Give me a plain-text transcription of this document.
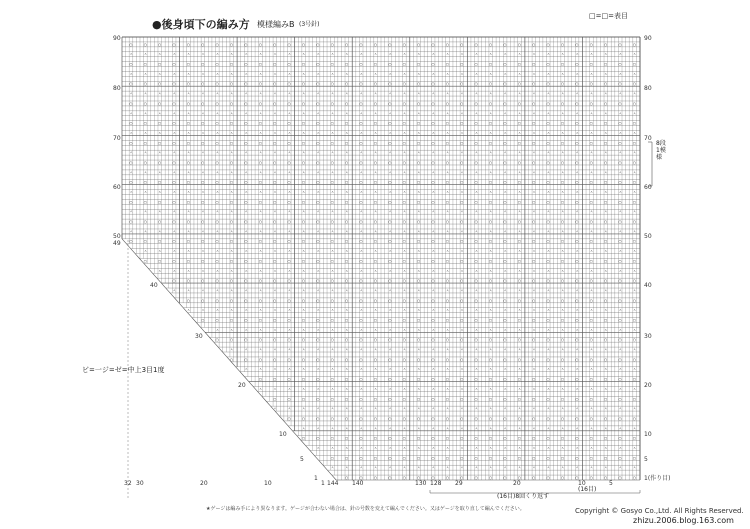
○	○	○	○	○	○	○	○	○	○	○	○	○	○	○	○	○	○	○	○	○	○	○	○	○	○	○	○	○	○	○	○	○	○	○	○
ㅅ	ㅅ	ㅅ	ㅅ	ㅅ	ㅅ	ㅅ	ㅅ	ㅅ	ㅅ	ㅅ	ㅅ	ㅅ	ㅅ	ㅅ	ㅅ	ㅅ	ㅅ	ㅅ	ㅅ	ㅅ	ㅅ	ㅅ	ㅅ	ㅅ	ㅅ	ㅅ	ㅅ	ㅅ	ㅅ	ㅅ	ㅅ	ㅅ	ㅅ	ㅅ	ㅅ
○	○	○	○	○	○	○	○	○	○	○	○	○	○	○	○	○	○	○	○	○	○	○	○	○	○	○	○	○	○	○	○	○	○	○	○
ㅅ	ㅅ	ㅅ	ㅅ	ㅅ	ㅅ	ㅅ	ㅅ	ㅅ	ㅅ	ㅅ	ㅅ	ㅅ	ㅅ	ㅅ	ㅅ	ㅅ	ㅅ	ㅅ	ㅅ	ㅅ	ㅅ	ㅅ	ㅅ	ㅅ	ㅅ	ㅅ	ㅅ	ㅅ	ㅅ	ㅅ	ㅅ	ㅅ	ㅅ	ㅅ	ㅅ
○	○	○	○	○	○	○	○	○	○	○	○	○	○	○	○	○	○	○	○	○	○	○	○	○	○	○	○	○	○	○	○	○	○	○	○
ㅅ	ㅅ	ㅅ	ㅅ	ㅅ	ㅅ	ㅅ	ㅅ	ㅅ	ㅅ	ㅅ	ㅅ	ㅅ	ㅅ	ㅅ	ㅅ	ㅅ	ㅅ	ㅅ	ㅅ	ㅅ	ㅅ	ㅅ	ㅅ	ㅅ	ㅅ	ㅅ	ㅅ	ㅅ	ㅅ	ㅅ	ㅅ	ㅅ	ㅅ	ㅅ	ㅅ
○	○	○	○	○	○	○	○	○	○	○	○	○	○	○	○	○	○	○	○	○	○	○	○	○	○	○	○	○	○	○	○	○	○	○	○
ㅅ	ㅅ	ㅅ	ㅅ	ㅅ	ㅅ	ㅅ	ㅅ	ㅅ	ㅅ	ㅅ	ㅅ	ㅅ	ㅅ	ㅅ	ㅅ	ㅅ	ㅅ	ㅅ	ㅅ	ㅅ	ㅅ	ㅅ	ㅅ	ㅅ	ㅅ	ㅅ	ㅅ	ㅅ	ㅅ	ㅅ	ㅅ	ㅅ	ㅅ	ㅅ	ㅅ
○	○	○	○	○	○	○	○	○	○	○	○	○	○	○	○	○	○	○	○	○	○	○	○	○	○	○	○	○	○	○	○	○	○	○	○
ㅅ	ㅅ	ㅅ	ㅅ	ㅅ	ㅅ	ㅅ	ㅅ	ㅅ	ㅅ	ㅅ	ㅅ	ㅅ	ㅅ	ㅅ	ㅅ	ㅅ	ㅅ	ㅅ	ㅅ	ㅅ	ㅅ	ㅅ	ㅅ	ㅅ	ㅅ	ㅅ	ㅅ	ㅅ	ㅅ	ㅅ	ㅅ	ㅅ	ㅅ	ㅅ	ㅅ
○	○	○	○	○	○	○	○	○	○	○	○	○	○	○	○	○	○	○	○	○	○	○	○	○	○	○	○	○	○	○	○	○	○	○	○
ㅅ	ㅅ	ㅅ	ㅅ	ㅅ	ㅅ	ㅅ	ㅅ	ㅅ	ㅅ	ㅅ	ㅅ	ㅅ	ㅅ	ㅅ	ㅅ	ㅅ	ㅅ	ㅅ	ㅅ	ㅅ	ㅅ	ㅅ	ㅅ	ㅅ	ㅅ	ㅅ	ㅅ	ㅅ	ㅅ	ㅅ	ㅅ	ㅅ	ㅅ	ㅅ	ㅅ
○	○	○	○	○	○	○	○	○	○	○	○	○	○	○	○	○	○	○	○	○	○	○	○	○	○	○	○	○	○	○	○	○	○	○	○
ㅅ	ㅅ	ㅅ	ㅅ	ㅅ	ㅅ	ㅅ	ㅅ	ㅅ	ㅅ	ㅅ	ㅅ	ㅅ	ㅅ	ㅅ	ㅅ	ㅅ	ㅅ	ㅅ	ㅅ	ㅅ	ㅅ	ㅅ	ㅅ	ㅅ	ㅅ	ㅅ	ㅅ	ㅅ	ㅅ	ㅅ	ㅅ	ㅅ	ㅅ	ㅅ	ㅅ
○	○	○	○	○	○	○	○	○	○	○	○	○	○	○	○	○	○	○	○	○	○	○	○	○	○	○	○	○	○	○	○	○	○	○	○
ㅅ	ㅅ	ㅅ	ㅅ	ㅅ	ㅅ	ㅅ	ㅅ	ㅅ	ㅅ	ㅅ	ㅅ	ㅅ	ㅅ	ㅅ	ㅅ	ㅅ	ㅅ	ㅅ	ㅅ	ㅅ	ㅅ	ㅅ	ㅅ	ㅅ	ㅅ	ㅅ	ㅅ	ㅅ	ㅅ	ㅅ	ㅅ	ㅅ	ㅅ	ㅅ	ㅅ
○	○	○	○	○	○	○	○	○	○	○	○	○	○	○	○	○	○	○	○	○	○	○	○	○	○	○	○	○	○	○	○	○	○	○	○
ㅅ	ㅅ	ㅅ	ㅅ	ㅅ	ㅅ	ㅅ	ㅅ	ㅅ	ㅅ	ㅅ	ㅅ	ㅅ	ㅅ	ㅅ	ㅅ	ㅅ	ㅅ	ㅅ	ㅅ	ㅅ	ㅅ	ㅅ	ㅅ	ㅅ	ㅅ	ㅅ	ㅅ	ㅅ	ㅅ	ㅅ	ㅅ	ㅅ	ㅅ	ㅅ	ㅅ
○	○	○	○	○	○	○	○	○	○	○	○	○	○	○	○	○	○	○	○	○	○	○	○	○	○	○	○	○	○	○	○	○	○	○	○
ㅅ	ㅅ	ㅅ	ㅅ	ㅅ	ㅅ	ㅅ	ㅅ	ㅅ	ㅅ	ㅅ	ㅅ	ㅅ	ㅅ	ㅅ	ㅅ	ㅅ	ㅅ	ㅅ	ㅅ	ㅅ	ㅅ	ㅅ	ㅅ	ㅅ	ㅅ	ㅅ	ㅅ	ㅅ	ㅅ	ㅅ	ㅅ	ㅅ	ㅅ	ㅅ	ㅅ
○	○	○	○	○	○	○	○	○	○	○	○	○	○	○	○	○	○	○	○	○	○	○	○	○	○	○	○	○	○	○	○	○	○	○	○
ㅅ	ㅅ	ㅅ	ㅅ	ㅅ	ㅅ	ㅅ	ㅅ	ㅅ	ㅅ	ㅅ	ㅅ	ㅅ	ㅅ	ㅅ	ㅅ	ㅅ	ㅅ	ㅅ	ㅅ	ㅅ	ㅅ	ㅅ	ㅅ	ㅅ	ㅅ	ㅅ	ㅅ	ㅅ	ㅅ	ㅅ	ㅅ	ㅅ	ㅅ	ㅅ
○	○	○	○	○	○	○	○	○	○	○	○	○	○	○	○	○	○	○	○	○	○	○	○	○	○	○	○	○	○	○	○	○	○	○
ㅅ	ㅅ	ㅅ	ㅅ	ㅅ	ㅅ	ㅅ	ㅅ	ㅅ	ㅅ	ㅅ	ㅅ	ㅅ	ㅅ	ㅅ	ㅅ	ㅅ	ㅅ	ㅅ	ㅅ	ㅅ	ㅅ	ㅅ	ㅅ	ㅅ	ㅅ	ㅅ	ㅅ	ㅅ	ㅅ	ㅅ	ㅅ	ㅅ	ㅅ
○	○	○	○	○	○	○	○	○	○	○	○	○	○	○	○	○	○	○	○	○	○	○	○	○	○	○	○	○	○	○	○	○
ㅅ	ㅅ	ㅅ	ㅅ	ㅅ	ㅅ	ㅅ	ㅅ	ㅅ	ㅅ	ㅅ	ㅅ	ㅅ	ㅅ	ㅅ	ㅅ	ㅅ	ㅅ	ㅅ	ㅅ	ㅅ	ㅅ	ㅅ	ㅅ	ㅅ	ㅅ	ㅅ	ㅅ	ㅅ	ㅅ	ㅅ	ㅅ	ㅅ
○	○	○	○	○	○	○	○	○	○	○	○	○	○	○	○	○	○	○	○	○	○	○	○	○	○	○	○	○	○	○	○
ㅅ	ㅅ	ㅅ	ㅅ	ㅅ	ㅅ	ㅅ	ㅅ	ㅅ	ㅅ	ㅅ	ㅅ	ㅅ	ㅅ	ㅅ	ㅅ	ㅅ	ㅅ	ㅅ	ㅅ	ㅅ	ㅅ	ㅅ	ㅅ	ㅅ	ㅅ	ㅅ	ㅅ	ㅅ	ㅅ	ㅅ	ㅅ
○	○	○	○	○	○	○	○	○	○	○	○	○	○	○	○	○	○	○	○	○	○	○	○	○	○	○	○	○	○	○
ㅅ	ㅅ	ㅅ	ㅅ	ㅅ	ㅅ	ㅅ	ㅅ	ㅅ	ㅅ	ㅅ	ㅅ	ㅅ	ㅅ	ㅅ	ㅅ	ㅅ	ㅅ	ㅅ	ㅅ	ㅅ	ㅅ	ㅅ	ㅅ	ㅅ	ㅅ	ㅅ	ㅅ	ㅅ	ㅅ
○	○	○	○	○	○	○	○	○	○	○	○	○	○	○	○	○	○	○	○	○	○	○	○	○	○	○	○	○	○
ㅅ	ㅅ	ㅅ	ㅅ	ㅅ	ㅅ	ㅅ	ㅅ	ㅅ	ㅅ	ㅅ	ㅅ	ㅅ	ㅅ	ㅅ	ㅅ	ㅅ	ㅅ	ㅅ	ㅅ	ㅅ	ㅅ	ㅅ	ㅅ	ㅅ	ㅅ	ㅅ	ㅅ	ㅅ
○	○	○	○	○	○	○	○	○	○	○	○	○	○	○	○	○	○	○	○	○	○	○	○	○	○	○	○	○
ㅅ	ㅅ	ㅅ	ㅅ	ㅅ	ㅅ	ㅅ	ㅅ	ㅅ	ㅅ	ㅅ	ㅅ	ㅅ	ㅅ	ㅅ	ㅅ	ㅅ	ㅅ	ㅅ	ㅅ	ㅅ	ㅅ	ㅅ	ㅅ	ㅅ	ㅅ	ㅅ	ㅅ
○	○	○	○	○	○	○	○	○	○	○	○	○	○	○	○	○	○	○	○	○	○	○	○	○	○	○
ㅅ	ㅅ	ㅅ	ㅅ	ㅅ	ㅅ	ㅅ	ㅅ	ㅅ	ㅅ	ㅅ	ㅅ	ㅅ	ㅅ	ㅅ	ㅅ	ㅅ	ㅅ	ㅅ	ㅅ	ㅅ	ㅅ	ㅅ	ㅅ	ㅅ	ㅅ	ㅅ
○	○	○	○	○	○	○	○	○	○	○	○	○	○	○	○	○	○	○	○	○	○	○	○	○	○
ㅅ	ㅅ	ㅅ	ㅅ	ㅅ	ㅅ	ㅅ	ㅅ	ㅅ	ㅅ	ㅅ	ㅅ	ㅅ	ㅅ	ㅅ	ㅅ	ㅅ	ㅅ	ㅅ	ㅅ	ㅅ	ㅅ	ㅅ	ㅅ	ㅅ	ㅅ
○	○	○	○	○	○	○	○	○	○	○	○	○	○	○	○	○	○	○	○	○	○	○	○	○
ㅅ	ㅅ	ㅅ	ㅅ	ㅅ	ㅅ	ㅅ	ㅅ	ㅅ	ㅅ	ㅅ	ㅅ	ㅅ	ㅅ	ㅅ	ㅅ	ㅅ	ㅅ	ㅅ	ㅅ	ㅅ	ㅅ	ㅅ	ㅅ
○	○	○	○	○	○	○	○	○	○	○	○	○	○	○	○	○	○	○	○	○	○	○	○
ㅅ	ㅅ	ㅅ	ㅅ	ㅅ	ㅅ	ㅅ	ㅅ	ㅅ	ㅅ	ㅅ	ㅅ	ㅅ	ㅅ	ㅅ	ㅅ	ㅅ	ㅅ	ㅅ	ㅅ	ㅅ	ㅅ	ㅅ
○	○	○	○	○	○	○	○	○	○	○	○	○	○	○	○	○	○	○	○	○	○
ㅅ	ㅅ	ㅅ	ㅅ	ㅅ	ㅅ	ㅅ	ㅅ	ㅅ	ㅅ	ㅅ	ㅅ	ㅅ	ㅅ	ㅅ	ㅅ	ㅅ	ㅅ	ㅅ	ㅅ	ㅅ	ㅅ
○	○	○	○	○	○	○	○	○	○	○	○	○	○	○	○	○	○	○	○	○
●後身頃下の編み方 模様編みB (3号針)
□=□=表目
ビ=一ジ=ゼ=中上3目1度
90
80
70
60
50
49
40
30
20
10
5
1
90
80
70
60
50
40
30
20
10
5
1(作り目)
32 30	20	10	1 144 140	130 128 29	20	10	5
8段1模様
(16目)8回くり返す
(16目)
★ゲージは編み手により異なります。ゲージが合わない場合は、針の号数を変えて編んでください。又はゲージを取り直して編んでください。	Copyright © Gosyo Co.,Ltd. All Rights Reserved.
zhizu.2006.blog.163.com
